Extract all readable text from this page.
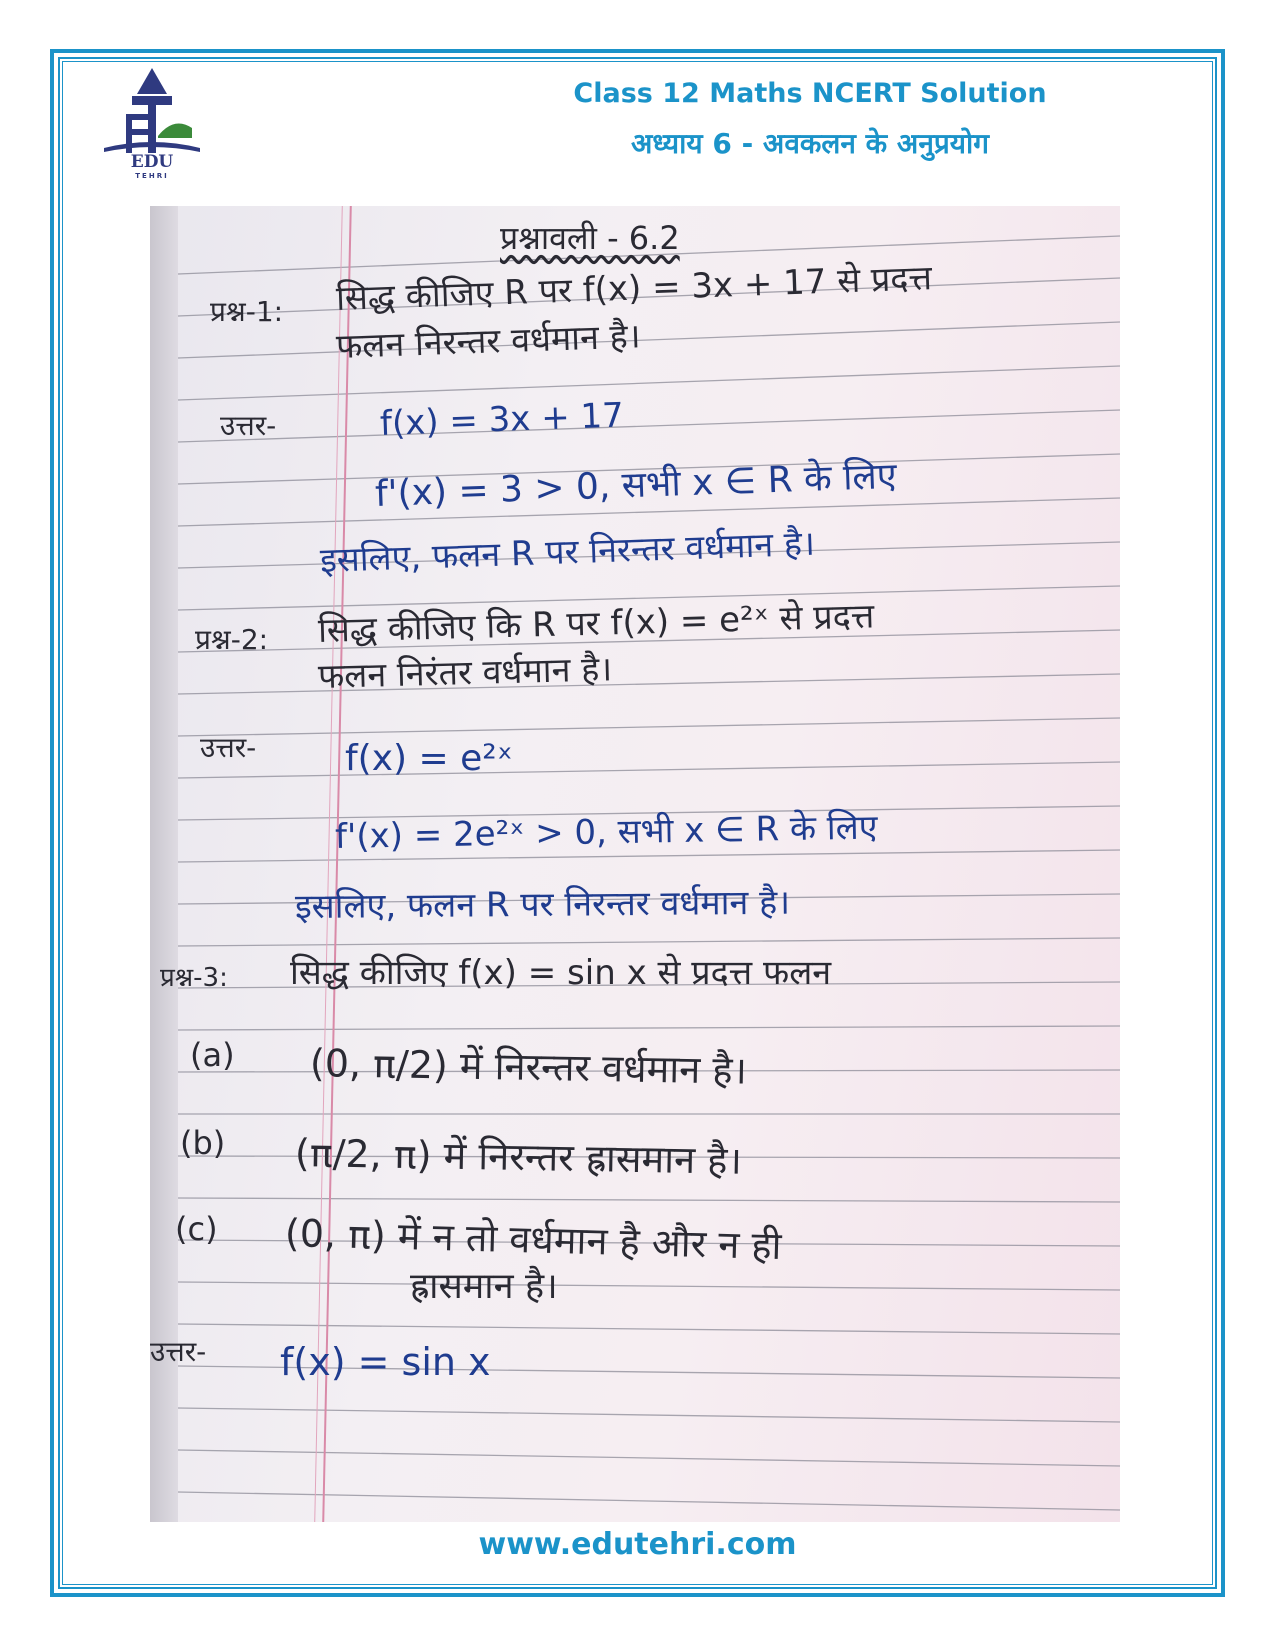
EDU
TEHRI
Class 12 Maths NCERT Solution
अध्याय 6 - अवकलन के अनुप्रयोग
प्रश्नावली - 6.2
प्रश्न-1: सिद्ध कीजिए R पर f(x) = 3x + 17 से प्रदत्त
फलन निरन्तर वर्धमान है।
उत्तर-	f(x) = 3x + 17
f'(x) = 3 > 0, सभी x ∈ R के लिए
इसलिए, फलन R पर निरन्तर वर्धमान है।
प्रश्न-2: सिद्ध कीजिए कि R पर f(x) = e²ˣ से प्रदत्त
फलन निरंतर वर्धमान है।
उत्तर- f(x) = e²ˣ
f'(x) = 2e²ˣ > 0, सभी x ∈ R के लिए
इसलिए, फलन R पर निरन्तर वर्धमान है।
प्रश्न-3: सिद्ध कीजिए f(x) = sin x से प्रदत्त फलन
(a) (0, π/2) में निरन्तर वर्धमान है।
(b) (π/2, π) में निरन्तर ह्रासमान है।
(c) (0, π) में न तो वर्धमान है और न ही
ह्रासमान है।
उत्तर- f(x) = sin x
www.edutehri.com
